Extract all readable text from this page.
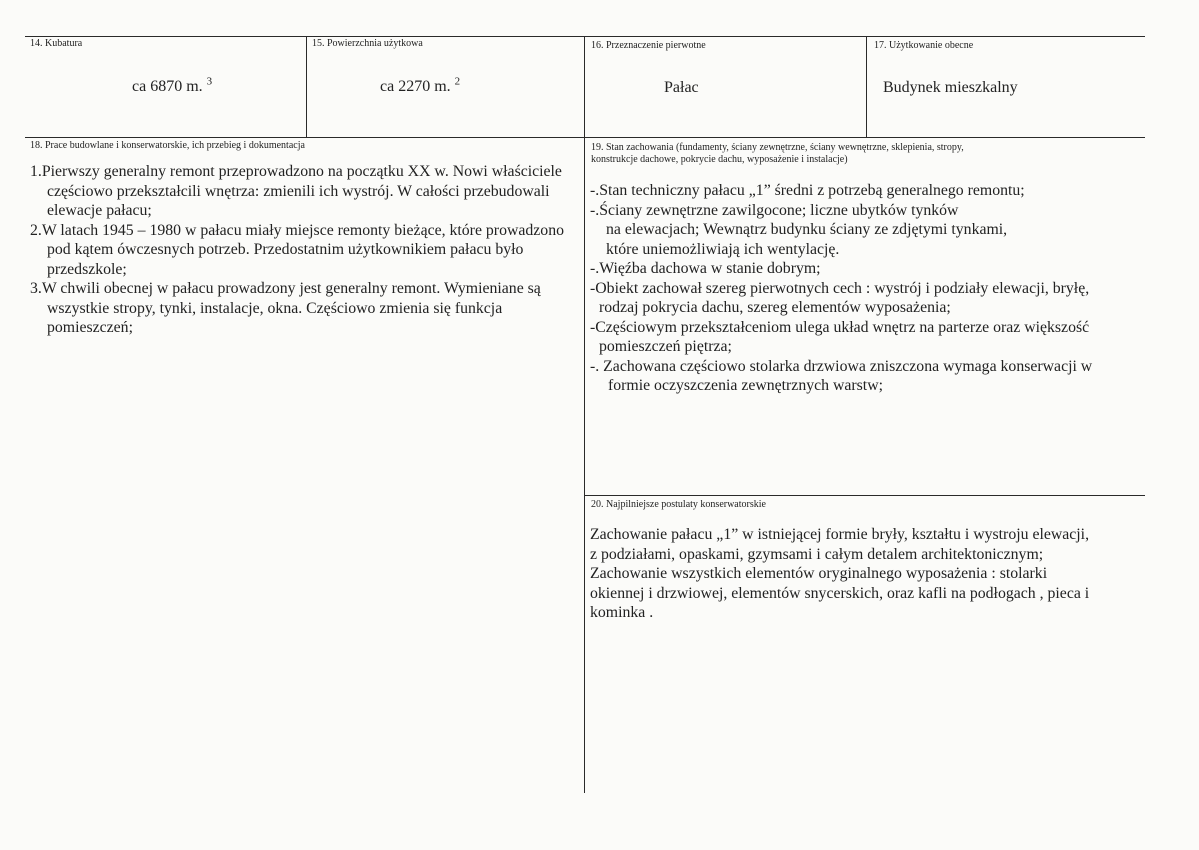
14. Kubatura
ca 6870 m. $^3$
15. Powierzchnia użytkowa
ca 2270 m. $^2$
16. Przeznaczenie pierwotne
Pałac
17. Użytkowanie obecne
Budynek mieszkalny
18. Prace budowlane i konserwatorskie, ich przebieg i dokumentacja
1.Pierwszy generalny remont przeprowadzono na początku XX w. Nowi właściciele częściowo przekształcili wnętrza: zmienili ich wystrój. W całości przebudowali elewacje pałacu;
2.W latach 1945 – 1980 w pałacu miały miejsce remonty bieżące, które prowadzono pod kątem ówczesnych potrzeb. Przedostatnim użytkownikiem pałacu było przedszkole;
3.W chwili obecnej w pałacu prowadzony jest generalny remont. Wymieniane są wszystkie stropy, tynki, instalacje, okna. Częściowo zmienia się funkcja pomieszczeń;
19. Stan zachowania (fundamenty, ściany zewnętrzne, ściany wewnętrzne, sklepienia, stropy,
konstrukcje dachowe, pokrycie dachu, wyposażenie i instalacje)
-.Stan techniczny pałacu „1” średni z potrzebą generalnego remontu;
-.Ściany zewnętrzne zawilgocone; liczne ubytków tynków
na elewacjach; Wewnątrz budynku ściany ze zdjętymi tynkami,
które uniemożliwiają ich wentylację.
-.Więźba dachowa w stanie dobrym;
-Obiekt zachował szereg pierwotnych cech : wystrój i podziały elewacji, bryłę,
rodzaj pokrycia dachu, szereg elementów wyposażenia;
-Częściowym przekształceniom ulega układ wnętrz na parterze oraz większość
pomieszczeń piętrza;
-. Zachowana częściowo stolarka drzwiowa zniszczona wymaga konserwacji w
formie oczyszczenia zewnętrznych warstw;
20. Najpilniejsze postulaty konserwatorskie
Zachowanie pałacu „1” w istniejącej formie bryły, kształtu i wystroju elewacji,
z podziałami, opaskami, gzymsami i całym detalem architektonicznym;
Zachowanie wszystkich elementów oryginalnego wyposażenia : stolarki
okiennej i drzwiowej, elementów snycerskich, oraz kafli na podłogach , pieca i
kominka .
